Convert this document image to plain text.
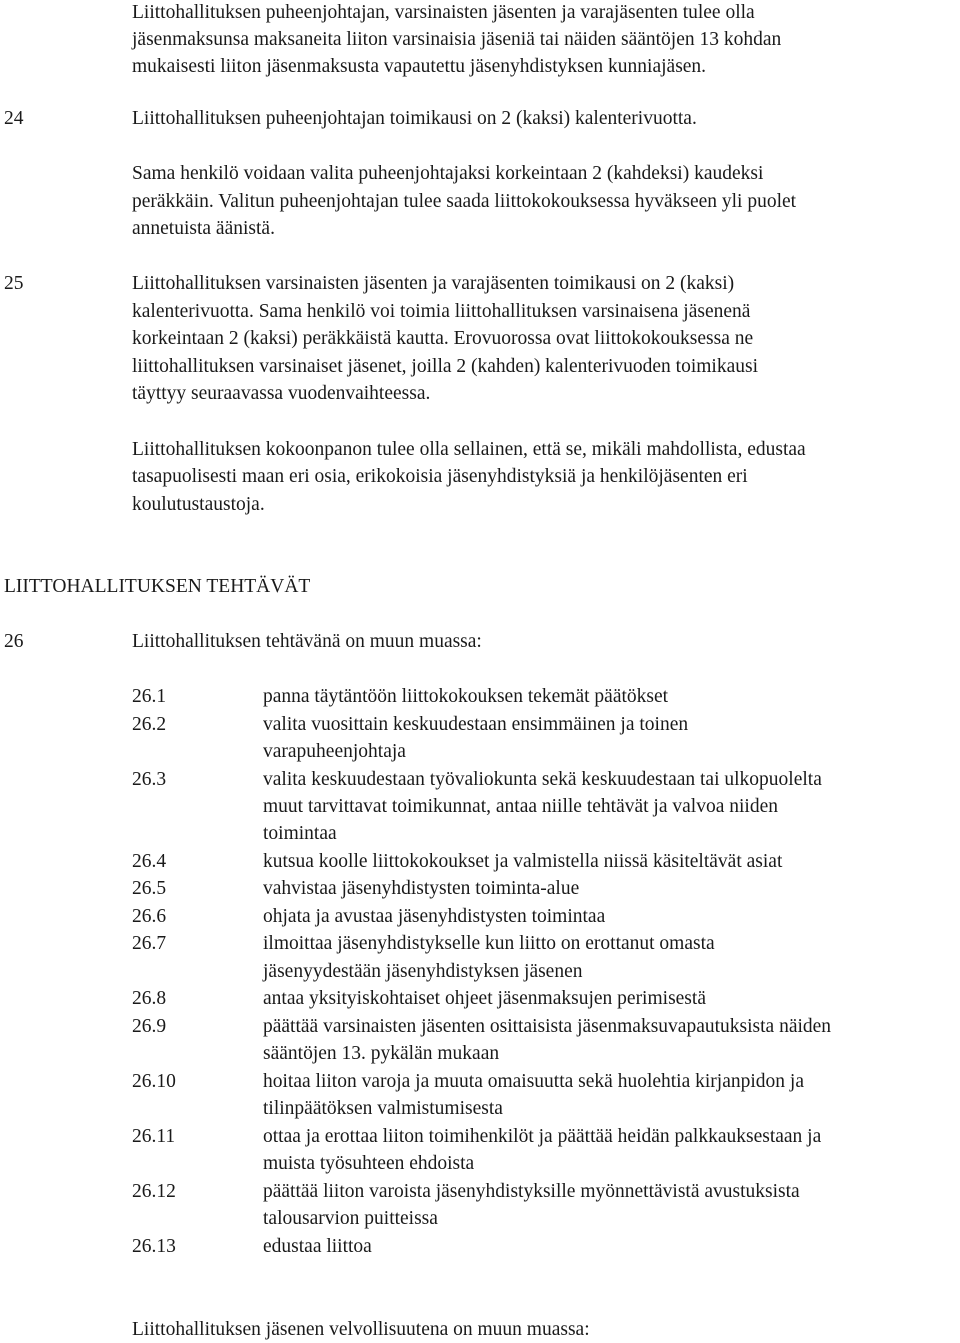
Liittohallituksen puheenjohtajan, varsinaisten jäsenten ja varajäsenten tulee olla
jäsenmaksunsa maksaneita liiton varsinaisia jäseniä tai näiden sääntöjen 13 kohdan
mukaisesti liiton jäsenmaksusta vapautettu jäsenyhdistyksen kunniajäsen.
24	Liittohallituksen puheenjohtajan toimikausi on 2 (kaksi) kalenterivuotta.
Sama henkilö voidaan valita puheenjohtajaksi korkeintaan 2 (kahdeksi) kaudeksi
peräkkäin. Valitun puheenjohtajan tulee saada liittokokouksessa hyväkseen yli puolet
annetuista äänistä.
25	Liittohallituksen varsinaisten jäsenten ja varajäsenten toimikausi on 2 (kaksi)
kalenterivuotta. Sama henkilö voi toimia liittohallituksen varsinaisena jäsenenä
korkeintaan 2 (kaksi) peräkkäistä kautta. Erovuorossa ovat liittokokouksessa ne
liittohallituksen varsinaiset jäsenet, joilla 2 (kahden) kalenterivuoden toimikausi
täyttyy seuraavassa vuodenvaihteessa.
Liittohallituksen kokoonpanon tulee olla sellainen, että se, mikäli mahdollista, edustaa
tasapuolisesti maan eri osia, erikokoisia jäsenyhdistyksiä ja henkilöjäsenten eri
koulutustaustoja.
LIITTOHALLITUKSEN TEHTÄVÄT
26	Liittohallituksen tehtävänä on muun muassa:
26.1	panna täytäntöön liittokokouksen tekemät päätökset
26.2	valita vuosittain keskuudestaan ensimmäinen ja toinen
varapuheenjohtaja
26.3	valita keskuudestaan työvaliokunta sekä keskuudestaan tai ulkopuolelta
muut tarvittavat toimikunnat, antaa niille tehtävät ja valvoa niiden
toimintaa
26.4	kutsua koolle liittokokoukset ja valmistella niissä käsiteltävät asiat
26.5	vahvistaa jäsenyhdistysten toiminta-alue
26.6	ohjata ja avustaa jäsenyhdistysten toimintaa
26.7	ilmoittaa jäsenyhdistykselle kun liitto on erottanut omasta
jäsenyydestään jäsenyhdistyksen jäsenen
26.8	antaa yksityiskohtaiset ohjeet jäsenmaksujen perimisestä
26.9	päättää varsinaisten jäsenten osittaisista jäsenmaksuvapautuksista näiden
sääntöjen 13. pykälän mukaan
26.10	hoitaa liiton varoja ja muuta omaisuutta sekä huolehtia kirjanpidon ja
tilinpäätöksen valmistumisesta
26.11	ottaa ja erottaa liiton toimihenkilöt ja päättää heidän palkkauksestaan ja
muista työsuhteen ehdoista
26.12	päättää liiton varoista jäsenyhdistyksille myönnettävistä avustuksista
talousarvion puitteissa
26.13	edustaa liittoa
Liittohallituksen jäsenen velvollisuutena on muun muassa:
